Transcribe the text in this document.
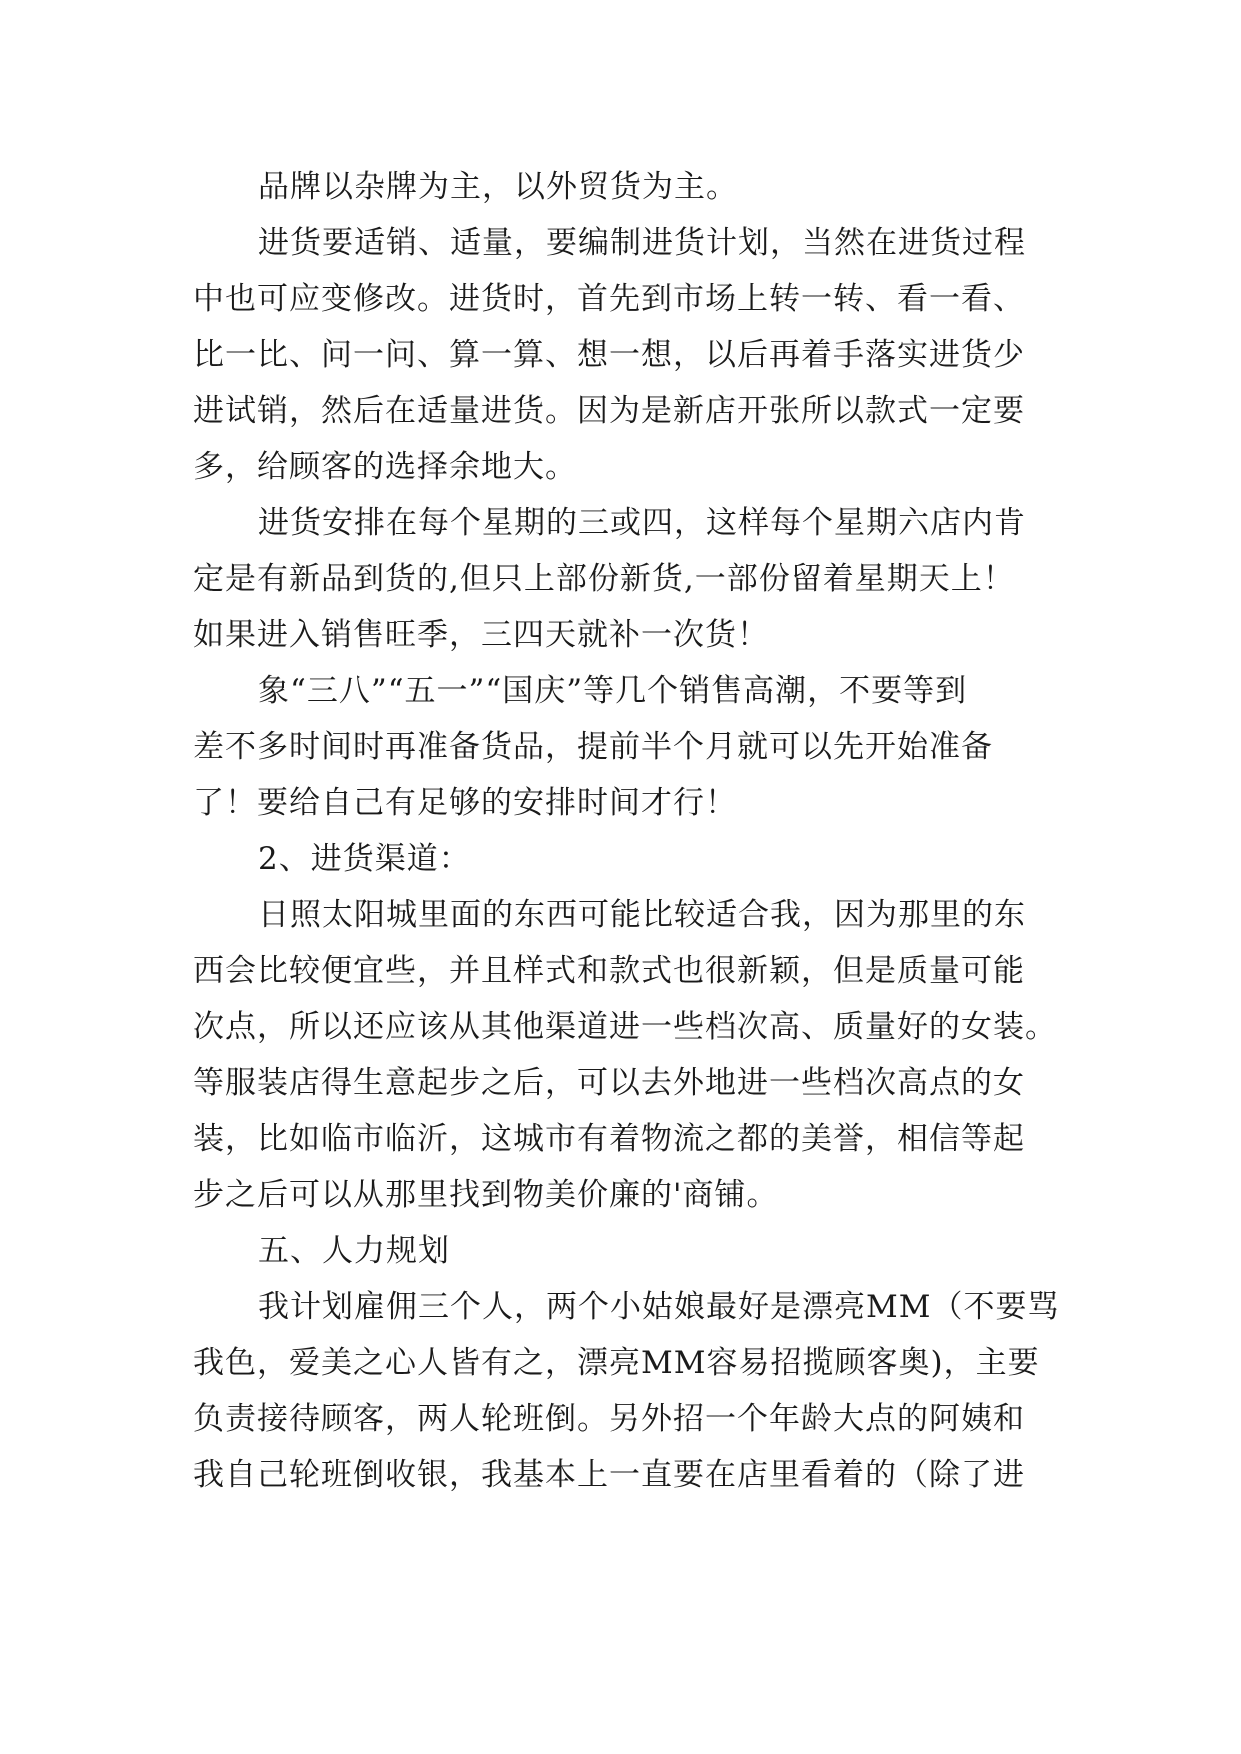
品牌以杂牌为主，以外贸货为主。
进货要适销、适量，要编制进货计划，当然在进货过程
中也可应变修改。进货时，首先到市场上转一转、看一看、
比一比、问一问、算一算、想一想，以后再着手落实进货少
进试销，然后在适量进货。因为是新店开张所以款式一定要
多，给顾客的选择余地大。
进货安排在每个星期的三或四，这样每个星期六店内肯
定是有新品到货的,但只上部份新货,一部份留着星期天上！
如果进入销售旺季，三四天就补一次货！
象“三八”“五一”“国庆”等几个销售高潮，不要等到
差不多时间时再准备货品，提前半个月就可以先开始准备
了！要给自己有足够的安排时间才行！
2、进货渠道：
日照太阳城里面的东西可能比较适合我，因为那里的东
西会比较便宜些，并且样式和款式也很新颖，但是质量可能
次点，所以还应该从其他渠道进一些档次高、质量好的女装。
等服装店得生意起步之后，可以去外地进一些档次高点的女
装，比如临市临沂，这城市有着物流之都的美誉，相信等起
步之后可以从那里找到物美价廉的'商铺。
五、人力规划
我计划雇佣三个人，两个小姑娘最好是漂亮MM（不要骂
我色，爱美之心人皆有之，漂亮MM容易招揽顾客奥)，主要
负责接待顾客，两人轮班倒。另外招一个年龄大点的阿姨和
我自己轮班倒收银，我基本上一直要在店里看着的（除了进
